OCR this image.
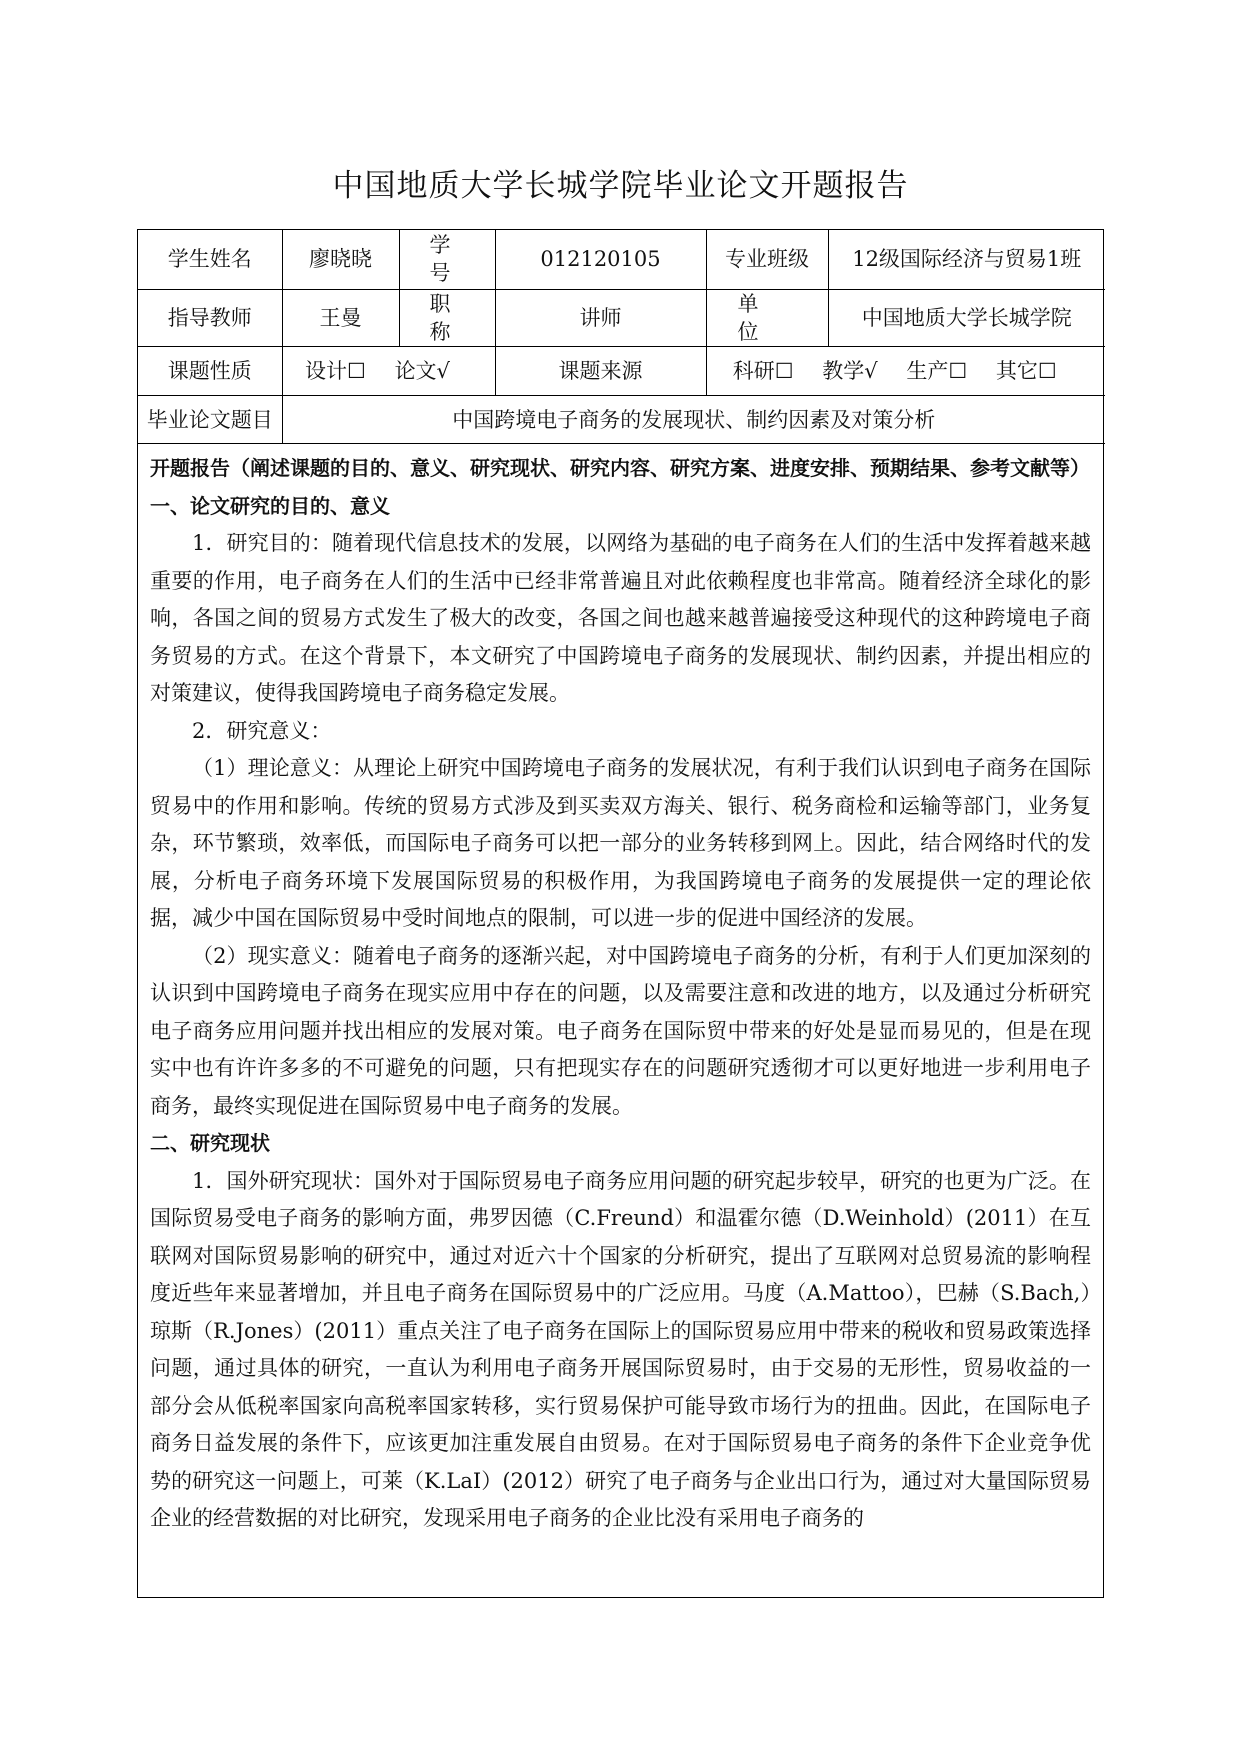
中国地质大学长城学院毕业论文开题报告
学生姓名	廖晓晓	学 号	012120105	专业班级	12级国际经济与贸易1班
指导教师	王曼	职 称	讲师	单 位	中国地质大学长城学院
课题性质	设计☐ 论文√		课题来源	科研☐ 教学√ 生产☐ 其它☐	
毕业论文题目	中国跨境电子商务的发展现状、制约因素及对策分析				

开题报告（阐述课题的目的、意义、研究现状、研究内容、研究方案、进度安排、预期结果、参考文献等）

一、论文研究的目的、意义

1．研究目的：随着现代信息技术的发展，以网络为基础的电子商务在人们的生活中发挥着越来越重要的作用，电子商务在人们的生活中已经非常普遍且对此依赖程度也非常高。随着经济全球化的影响，各国之间的贸易方式发生了极大的改变，各国之间也越来越普遍接受这种现代的这种跨境电子商务贸易的方式。在这个背景下，本文研究了中国跨境电子商务的发展现状、制约因素，并提出相应的对策建议，使得我国跨境电子商务稳定发展。

2．研究意义：

（1）理论意义：从理论上研究中国跨境电子商务的发展状况，有利于我们认识到电子商务在国际贸易中的作用和影响。传统的贸易方式涉及到买卖双方海关、银行、税务商检和运输等部门，业务复杂，环节繁琐，效率低，而国际电子商务可以把一部分的业务转移到网上。因此，结合网络时代的发展，分析电子商务环境下发展国际贸易的积极作用，为我国跨境电子商务的发展提供一定的理论依据，减少中国在国际贸易中受时间地点的限制，可以进一步的促进中国经济的发展。

（2）现实意义：随着电子商务的逐渐兴起，对中国跨境电子商务的分析，有利于人们更加深刻的认识到中国跨境电子商务在现实应用中存在的问题，以及需要注意和改进的地方，以及通过分析研究电子商务应用问题并找出相应的发展对策。电子商务在国际贸中带来的好处是显而易见的，但是在现实中也有许许多多的不可避免的问题，只有把现实存在的问题研究透彻才可以更好地进一步利用电子商务，最终实现促进在国际贸易中电子商务的发展。

二、研究现状

1．国外研究现状：国外对于国际贸易电子商务应用问题的研究起步较早，研究的也更为广泛。在国际贸易受电子商务的影响方面，弗罗因德（C.Freund）和温霍尔德（D.Weinhold）(2011）在互联网对国际贸易影响的研究中，通过对近六十个国家的分析研究，提出了互联网对总贸易流的影响程度近些年来显著增加，并且电子商务在国际贸易中的广泛应用。马度（A.Mattoo），巴赫（S.Bach,）琼斯（R.Jones）(2011）重点关注了电子商务在国际上的国际贸易应用中带来的税收和贸易政策选择问题，通过具体的研究，一直认为利用电子商务开展国际贸易时，由于交易的无形性，贸易收益的一部分会从低税率国家向高税率国家转移，实行贸易保护可能导致市场行为的扭曲。因此，在国际电子商务日益发展的条件下，应该更加注重发展自由贸易。在对于国际贸易电子商务的条件下企业竞争优势的研究这一问题上，可莱（K.LaI）(2012）研究了电子商务与企业出口行为，通过对大量国际贸易企业的经营数据的对比研究，发现采用电子商务的企业比没有采用电子商务的
